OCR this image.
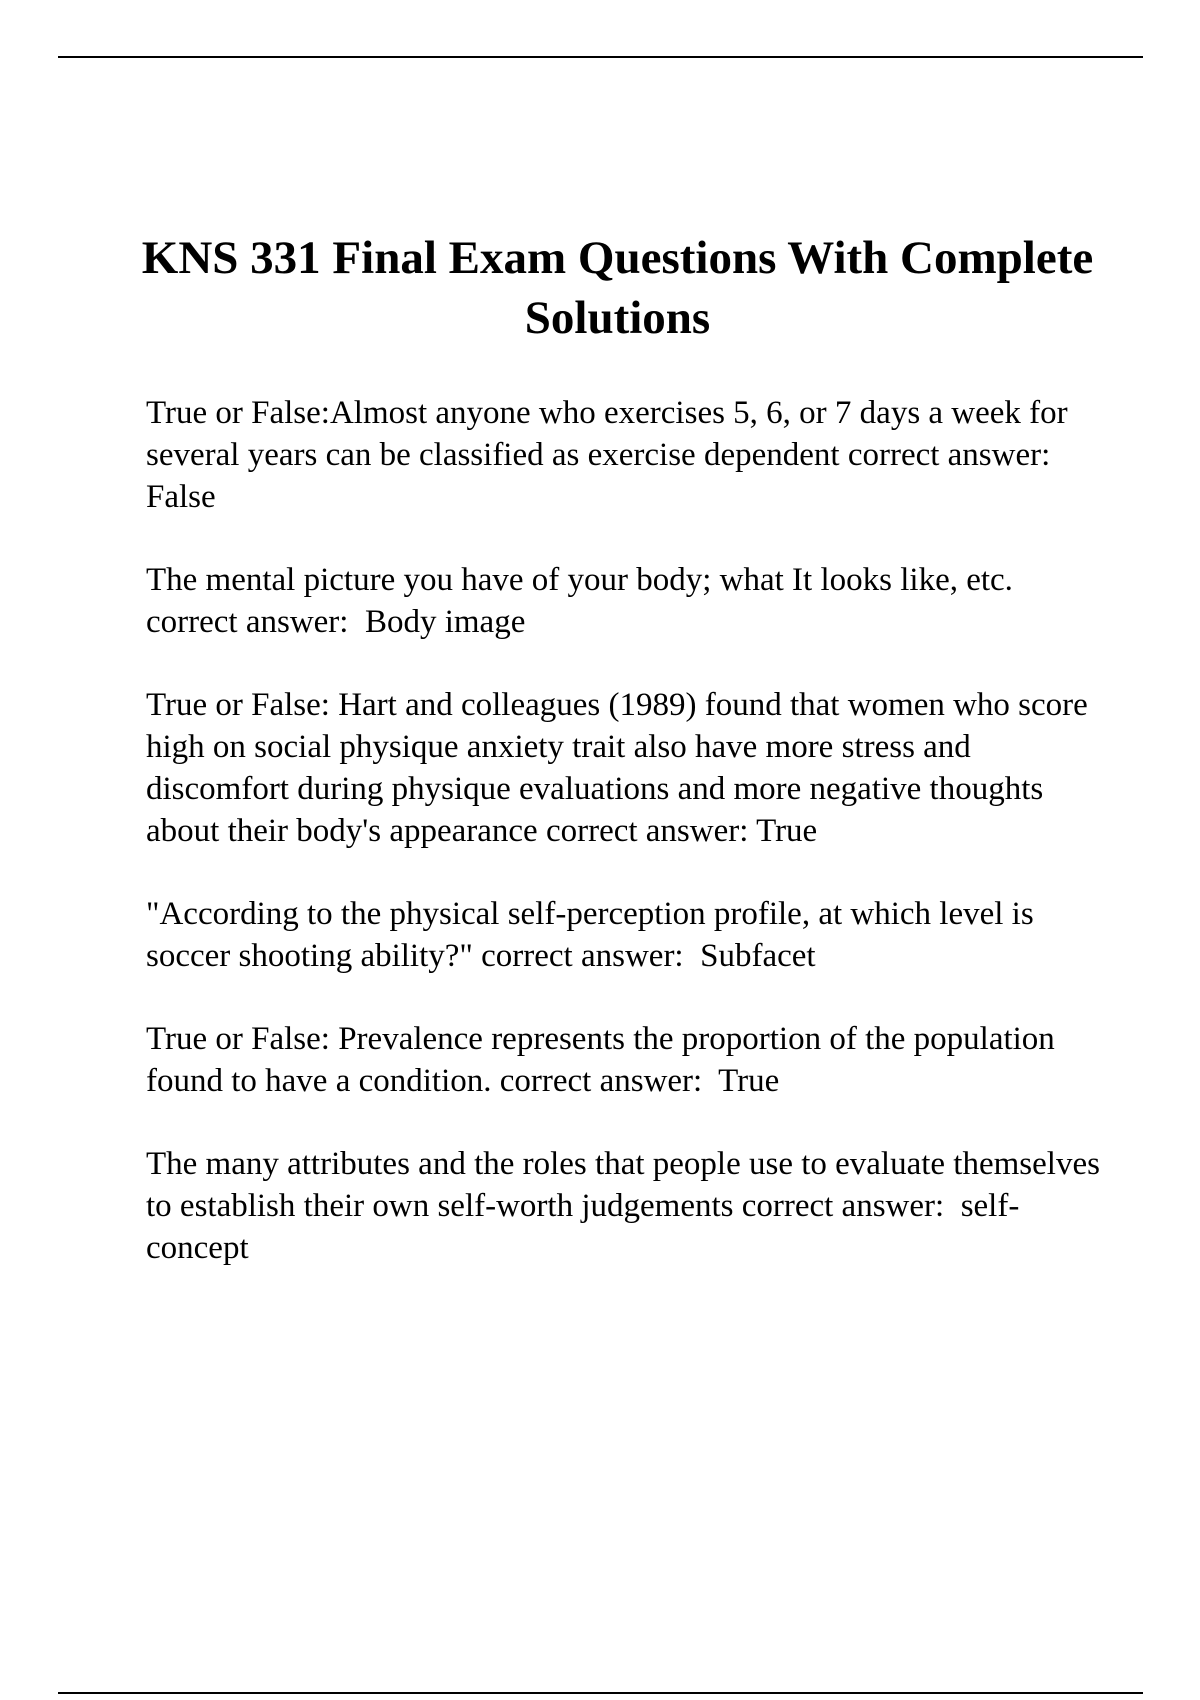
KNS 331 Final Exam Questions With Complete Solutions
True or False:Almost anyone who exercises 5, 6, or 7 days a week for several years can be classified as exercise dependent correct answer:  False
The mental picture you have of your body; what It looks like, etc. correct answer:  Body image
True or False: Hart and colleagues (1989) found that women who score high on social physique anxiety trait also have more stress and discomfort during physique evaluations and more negative thoughts about their body's appearance correct answer: True
"According to the physical self-perception profile, at which level is soccer shooting ability?" correct answer:  Subfacet
True or False: Prevalence represents the proportion of the population found to have a condition. correct answer:  True
The many attributes and the roles that people use to evaluate themselves to establish their own self-worth judgements correct answer:  self-concept
